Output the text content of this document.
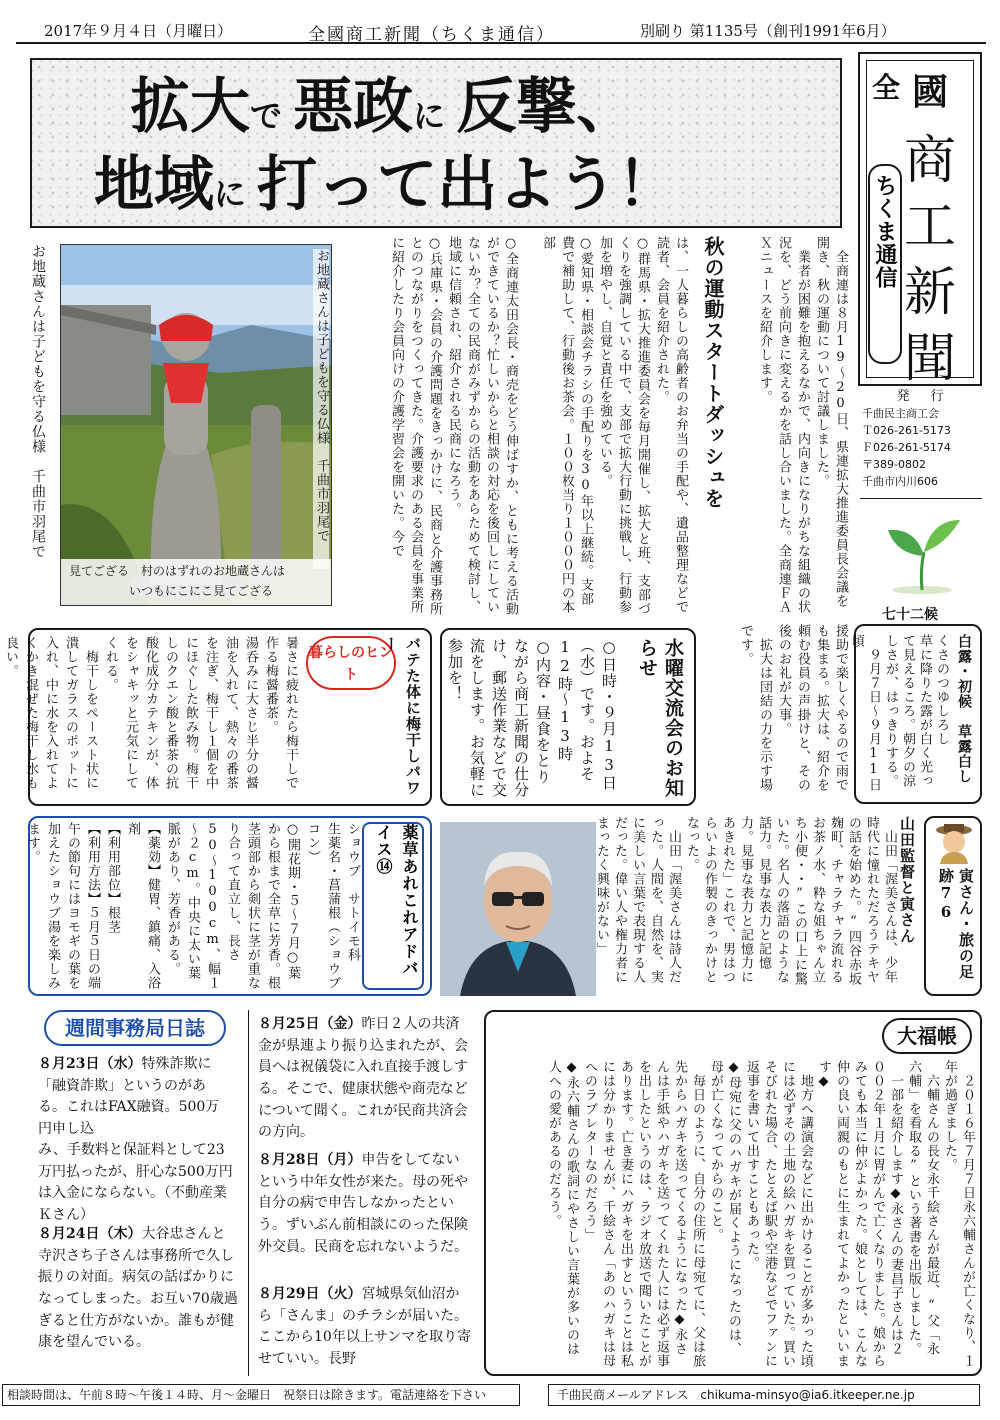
2017年９月４日（月曜日）	全國商工新聞（ちくま通信）	別刷り 第1135号（創刊1991年6月）
拡大で 悪政に 反撃、
地域に 打って出よう！
全 國
商
工
新
聞
ちくま通信
発　行
千曲民主商工会
Ｔ026-261-5173
Ｆ026-261-5174
〒389-0802
千曲市内川606
七十二候
白露・初候　草露白し
くさのつゆしろし
草に降りた露が白く光って見えるころ。朝夕の涼しさが、はっきりする。
　９月７日～９月11日頃
お地蔵さんは子どもを守る仏様　千曲市羽尾で
見てござる　村のはずれのお地蔵さんは
いつもにこにこ見てござる
お地蔵さんは子どもを守る仏様　千曲市羽尾で	秋の運動スタートダッシュを	　全商連は８月19～20日、県連拡大推進委員長会議を開き、秋の運動について討議しました。
　業者が困難を抱えるなかで、内向きになりがちな組織の状況を、どう前向きに変えるかを話し合いました。全商連ＦＡＸニュースを紹介します。
○全商連太田会長・商売をどう伸ばすか、ともに考える活動ができているか？忙しいからと相談の対応を後回しにしていないか？全ての民商がみずからの活動をあらためて検討し、地域に信頼され、紹介される民商になろう。
○兵庫県・会員の介護問題をきっかけに、民商と介護事務所とのつながりをつくってきた。介護要求のある会員を事業所に紹介したり会員向けの介護学習会を開いた。今で	は、一人暮らしの高齢者のお弁当の手配や、遺品整理などで読者、会員を紹介された。
○群馬県・拡大推進委員会を毎月開催し、拡大と班、支部づくりを強調している中で、支部で拡大行動に挑戦し、行動参加を増やし、自覚と責任を強めている。
○愛知県・相談会チラシの手配りを30年以上継続。支部費で補助して、行動後お茶会。１００枚当り１０００円の本部
援助で楽しくやるので雨でも集まる。拡大は、紹介を頼む役員の声掛けと、その後のお礼が大事。
　拡大は団結の力を示す場です。
水曜交流会のお知らせ
○日時・９月13日（水）です。およそ12時～13時
○内容・昼食をとりながら商工新聞の仕分け、郵送作業などで交流をします。お気軽に参加を！
暮らしのヒント	バテた体に梅干しパワー
暑さに疲れたら梅干しで作る梅醤番茶。
湯呑みに大さじ半分の醤油を入れて、熱々の番茶を注ぎ、梅干し１個を中にほぐした飲み物。梅干しのクエン酸と番茶の抗酸化成分カテキンが、体をシャキッと元気にしてくれる。
　梅干しをペースト状に潰してガラスのポットに入れ、中に水を入れてよくかき混ぜた梅干し水も良い。
薬草あれこれアドバイス⑭
ショウブ　サトイモ科
生薬名・菖蒲根（ショウブコン）
○開花期・５～７月○葉から根まで全草に芳香。根茎頭部から剣状に茎が重なり合って直立し、長さ50～100cm、幅１～２cm。中央に太い葉脈があり、芳香がある。
【薬効】健胃、鎮痛、入浴剤
【利用部位】根茎
【利用方法】５月５日の端午の節句にはヨモギの葉を加えたショウブ湯を楽しみます。	山田監督と寅さん
　山田「渥美さんは、少年時代に憧れただろうテキヤの話を始めた。“四谷赤坂麹町、チャラチャラ流れるお茶ノ水、粋な姐ちゃん立ち小便・・”この口上に驚いた。名人の落語のような話力。見事な表力と記憶力。見事な表力と記憶力にあきれた」これで、男はつらいよの作製のきっかけとなった。
　山田「渥美さんは詩人だった。人間を、自然を、実に美しい言葉で表現する人だった。偉い人や権力者にまったく興味がない」	寅さん・旅の足跡76
週間事務局日誌
８月23日（水）特殊詐欺に「融資詐欺」というのがある。これはFAX融資。500万円申し込
み、手数料と保証料として23万円払ったが、肝心な500万円は入金にならない。（不動産業Ｋさん）
８月24日（木）大谷忠さんと寺沢さち子さんは事務所で久し振りの対面。病気の話ばかりになってしまった。お互い70歳過ぎると仕方がないか。誰もが健康を望んでいる。
８月25日（金）昨日２人の共済金が県連より振り込まれたが、会員へは祝儀袋に入れ直接手渡しする。そこで、健康状態や商売などについて聞く。これが民商共済会の方向。
８月28日（月）申告をしてないという中年女性が来た。母の死や自分の病で申告しなかったという。ずいぶん前相談にのった保険外交員。民商を忘れないようだ。
８月29日（火）宮城県気仙沼から「さんま」のチラシが届いた。ここから10年以上サンマを取り寄せていい。長野
大福帳
　２０１６年７月７日永六輔さんが亡くなり、１年が過ぎました。
　六輔さんの長女永千絵さんが最近、“父「永六輔」を看取る”という著書を出版しました。
　一部を紹介します◆永さんの妻昌子さんは２００２年１月に胃がんで亡くなりました。娘からみても本当に仲がよかった。娘としては、こんな仲の良い両親のもとに生まれてよかったといいます◆
　地方へ講演会などに出かけることが多かった頃には必ずその土地の絵ハガキを買っていた。買いそびれた場合、たとえば駅や空港などでファンに返事を書いて出すこともあった。
◆母宛に父のハガキが届くようになったのは、母が亡くなってからのこと。
　毎日のように、自分の住所に母宛てに、父は旅先からハガキを送ってくるようになった◆永さんは手紙やハガキを送ってくれた人には必ず返事を出したというのは、ラジオ放送で聞いたことがあります。亡き妻にハガキを出すということは私には分かりませんが、千絵さん「あのハガキは母へのラブレターなのだろう」
◆永六輔さんの歌詞にやさしい言葉が多いのは人への愛があるのだろう。
相談時間は、午前８時～午後１４時、月～金曜日　祝祭日は除きます。電話連絡を下さい	千曲民商メールアドレス　chikuma-minsyo@ia6.itkeeper.ne.jp
